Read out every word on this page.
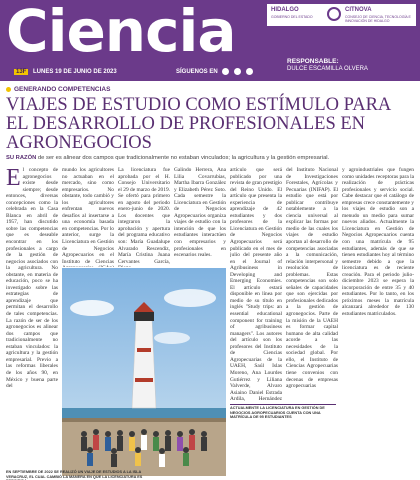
Ciencia
13F LUNES 19 DE JUNIO DE 2023	SÍGUENOS EN
HIDALGO
GOBIERNO DEL ESTADO
CITNOVA
CONSEJO DE CIENCIA, TECNOLOGÍA E INNOVACIÓN DE HIDALGO
RESPONSABLE:
DULCE ESCAMILLA OLVERA
GENERANDO COMPETENCIAS
VIAJES DE ESTUDIO COMO ESTÍMULO PARA EL DESARROLLO DE PROFESIONALES EN AGRONEGOCIOS

SU RAZÓN de ser es alinear dos campos que tradicionalmente no estaban vinculados; la agricultura y la gestión empresarial.

El concepto de agronegocios existe desde siempre; desde entonces, diversas concepciones como la celebrada en la Casa Blanca en abril de 1957, han discutido sobre las competencias que es deseable encontrar en los profesionales a cargo de la gestión de negocios asociados con la agricultura. No obstante, en materia de educación, poco se ha investigado sobre las estrategias de aprendizaje que permitan el desarrollo de tales competencias. La razón de ser de los agronegocios es alinear dos campos que tradicionalmente no estaban vinculados: la agricultura y la gestión empresarial. Previo a las reformas liberales de los años 90, en México y buena parte del
mundo los agricultores no actuaban en el mercado, sino como empresarios. No obstante, todo cambió y los agricultores enfrentan nuevos desafíos al insertarse a una economía basada en competencias. Por lo anterior, surge la Licenciatura en Gestión de Negocios Agropecuarios en el Instituto de Ciencias
La licenciatura fue aprobada por el H. Consejo Universitario el 29 de marzo de 2019. Se ofertó para primero en agosto del periodo enero-junio de 2020. Los docentes que integraron la aprobación y apertura del programa educativo son: María Guadalupe Alvarado Rescendiz, María Cristina Juana Cervantes García,
Galindo Herrera, Ana Lilia Covarrubias, Martha Ibarra González y Elizabeth Pérez Soto. Cada semestre la Licenciatura en Gestión de Negocios Agropecuarios organiza viajes de estudio con la intención de que los estudiantes interactúen con empresarios y profesionales en escenarios reales.
artículo que será publicado por una revista de gran prestigio del Reino Unido. El artículo que presenta la experiencia de aprendizaje de 42 estudiantes y dos profesores de la Licenciatura en Gestión de Negocios Agropecuarios será publicado en el mes de julio del presente año en el Journal of Agribusiness in Developing and Emerging Economies. El artículo estará disponible en línea por medio de su título en inglés "Study trips: an essential educational component for training of agribusiness managers". Los autores del artículo son los profesores del Instituto de Ciencias Agropecuarias de la UAEH, Saúl Islas Moreno, Ana Lourdes Gutiérrez y Liliana Valverde, Alvaro Asiaino Daniel Estrada Ardila, Hernández
del Instituto Nacional de Investigaciones Forestales, Agrícolas y Pecuarias (INIFAP). El estudio que está por publicar contribuye notablemente a la ciencia universal al explicar las formas por medio de las cuales los viajes de estudio aportan al desarrollo de competencias asociadas a la comunicación, relación interpersonal y resolución de problemas. Estas competencias son solo señales de capacidades que son ejercidas por profesionales dedicados a la gestión de agronegocios. Parte de la misión de la UAEH es formar capital humano de alta calidad acorde a las necesidades de la sociedad global. Por ello, el Instituto de Ciencias Agropecuarias tiene convenios con decenas de empresas agropecuarias
y agroindustriales que fungen como unidades receptoras para la realización de prácticas profesionales y servicio social. Cabe destacar que el catálogo de empresas crece constantemente y los viajes de estudio son a menudo un medio para sumar nuevos aliados. Actualmente la Licenciatura en Gestión de Negocios Agropecuarios cuenta con una matrícula de 95 estudiantes, además de que se tienen estudiantes hoy al término semestre debido a que la licenciatura es de reciente creación. Para el periodo julio-diciembre 2023 se espera la incorporación de entre 35 y 40 estudiantes. Por lo tanto, en los próximos meses la matrícula alcanzará alrededor de 130 estudiantes matriculados.
EN SEPTIEMBRE DE 2022 SE REALIZÓ UN VIAJE DE ESTUDIOS A LA ISLA VERACRUZ, EL CUAL CAMBIÓ LA MANERA EN QUE LA LICENCIATURA ES
ACTUALMENTE LA LICENCIATURA EN GESTIÓN DE NEGOCIOS AGROPECUARIOS CUENTA CON UNA MATRÍCULA DE 95 ESTUDIANTES
